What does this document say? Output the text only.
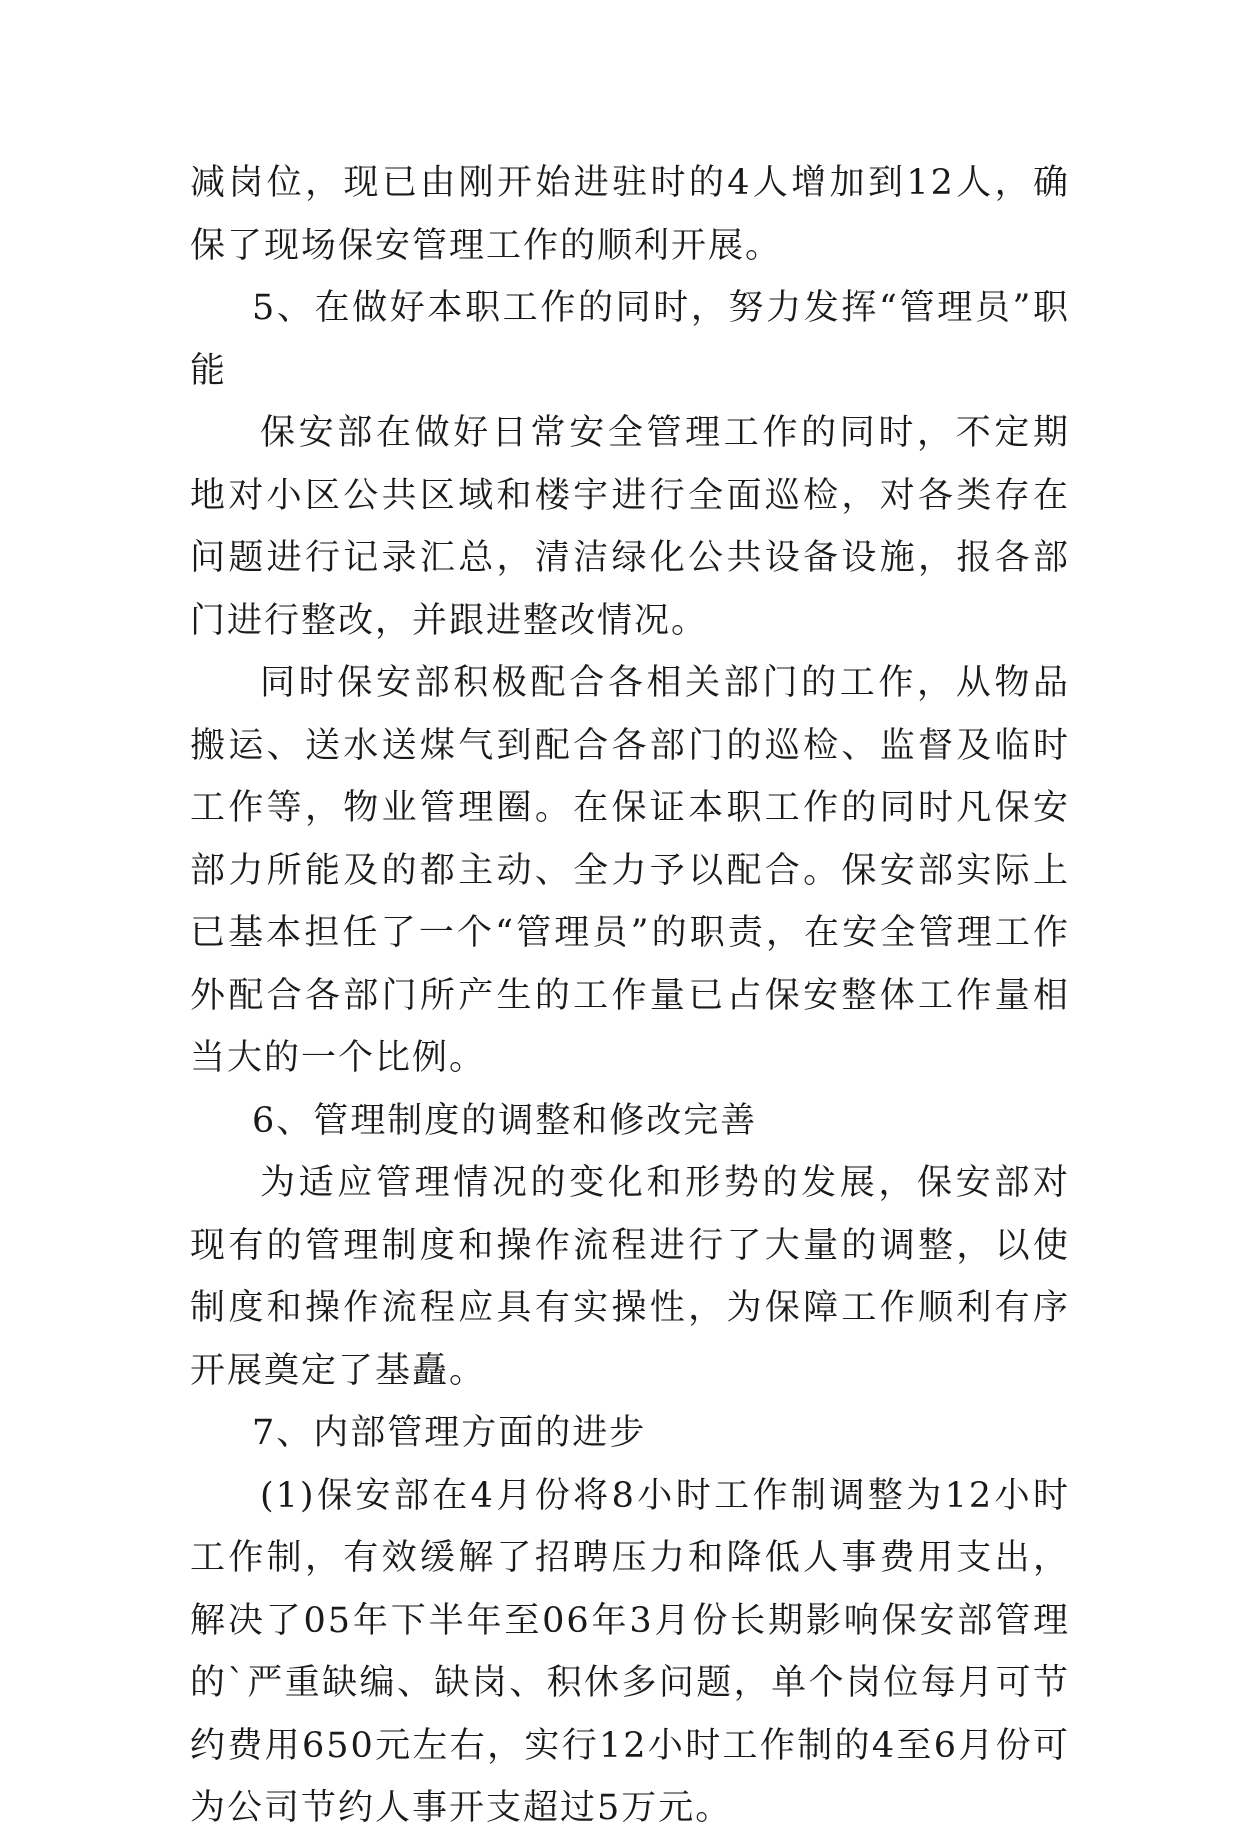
减岗位，现已由刚开始进驻时的4人增加到12人，确保了现场保安管理工作的顺利开展。

5、在做好本职工作的同时，努力发挥“管理员”职能

保安部在做好日常安全管理工作的同时，不定期地对小区公共区域和楼宇进行全面巡检，对各类存在问题进行记录汇总，清洁绿化公共设备设施，报各部门进行整改，并跟进整改情况。

同时保安部积极配合各相关部门的工作，从物品搬运、送水送煤气到配合各部门的巡检、监督及临时工作等，物业管理圈。在保证本职工作的同时凡保安部力所能及的都主动、全力予以配合。保安部实际上已基本担任了一个“管理员”的职责，在安全管理工作外配合各部门所产生的工作量已占保安整体工作量相当大的一个比例。

6、管理制度的调整和修改完善

为适应管理情况的变化和形势的发展，保安部对现有的管理制度和操作流程进行了大量的调整，以使制度和操作流程应具有实操性，为保障工作顺利有序开展奠定了基矗。

7、内部管理方面的进步

(1)保安部在4月份将8小时工作制调整为12小时工作制，有效缓解了招聘压力和降低人事费用支出，解决了05年下半年至06年3月份长期影响保安部管理的`严重缺编、缺岗、积休多问题，单个岗位每月可节约费用650元左右，实行12小时工作制的4至6月份可为公司节约人事开支超过5万元。
